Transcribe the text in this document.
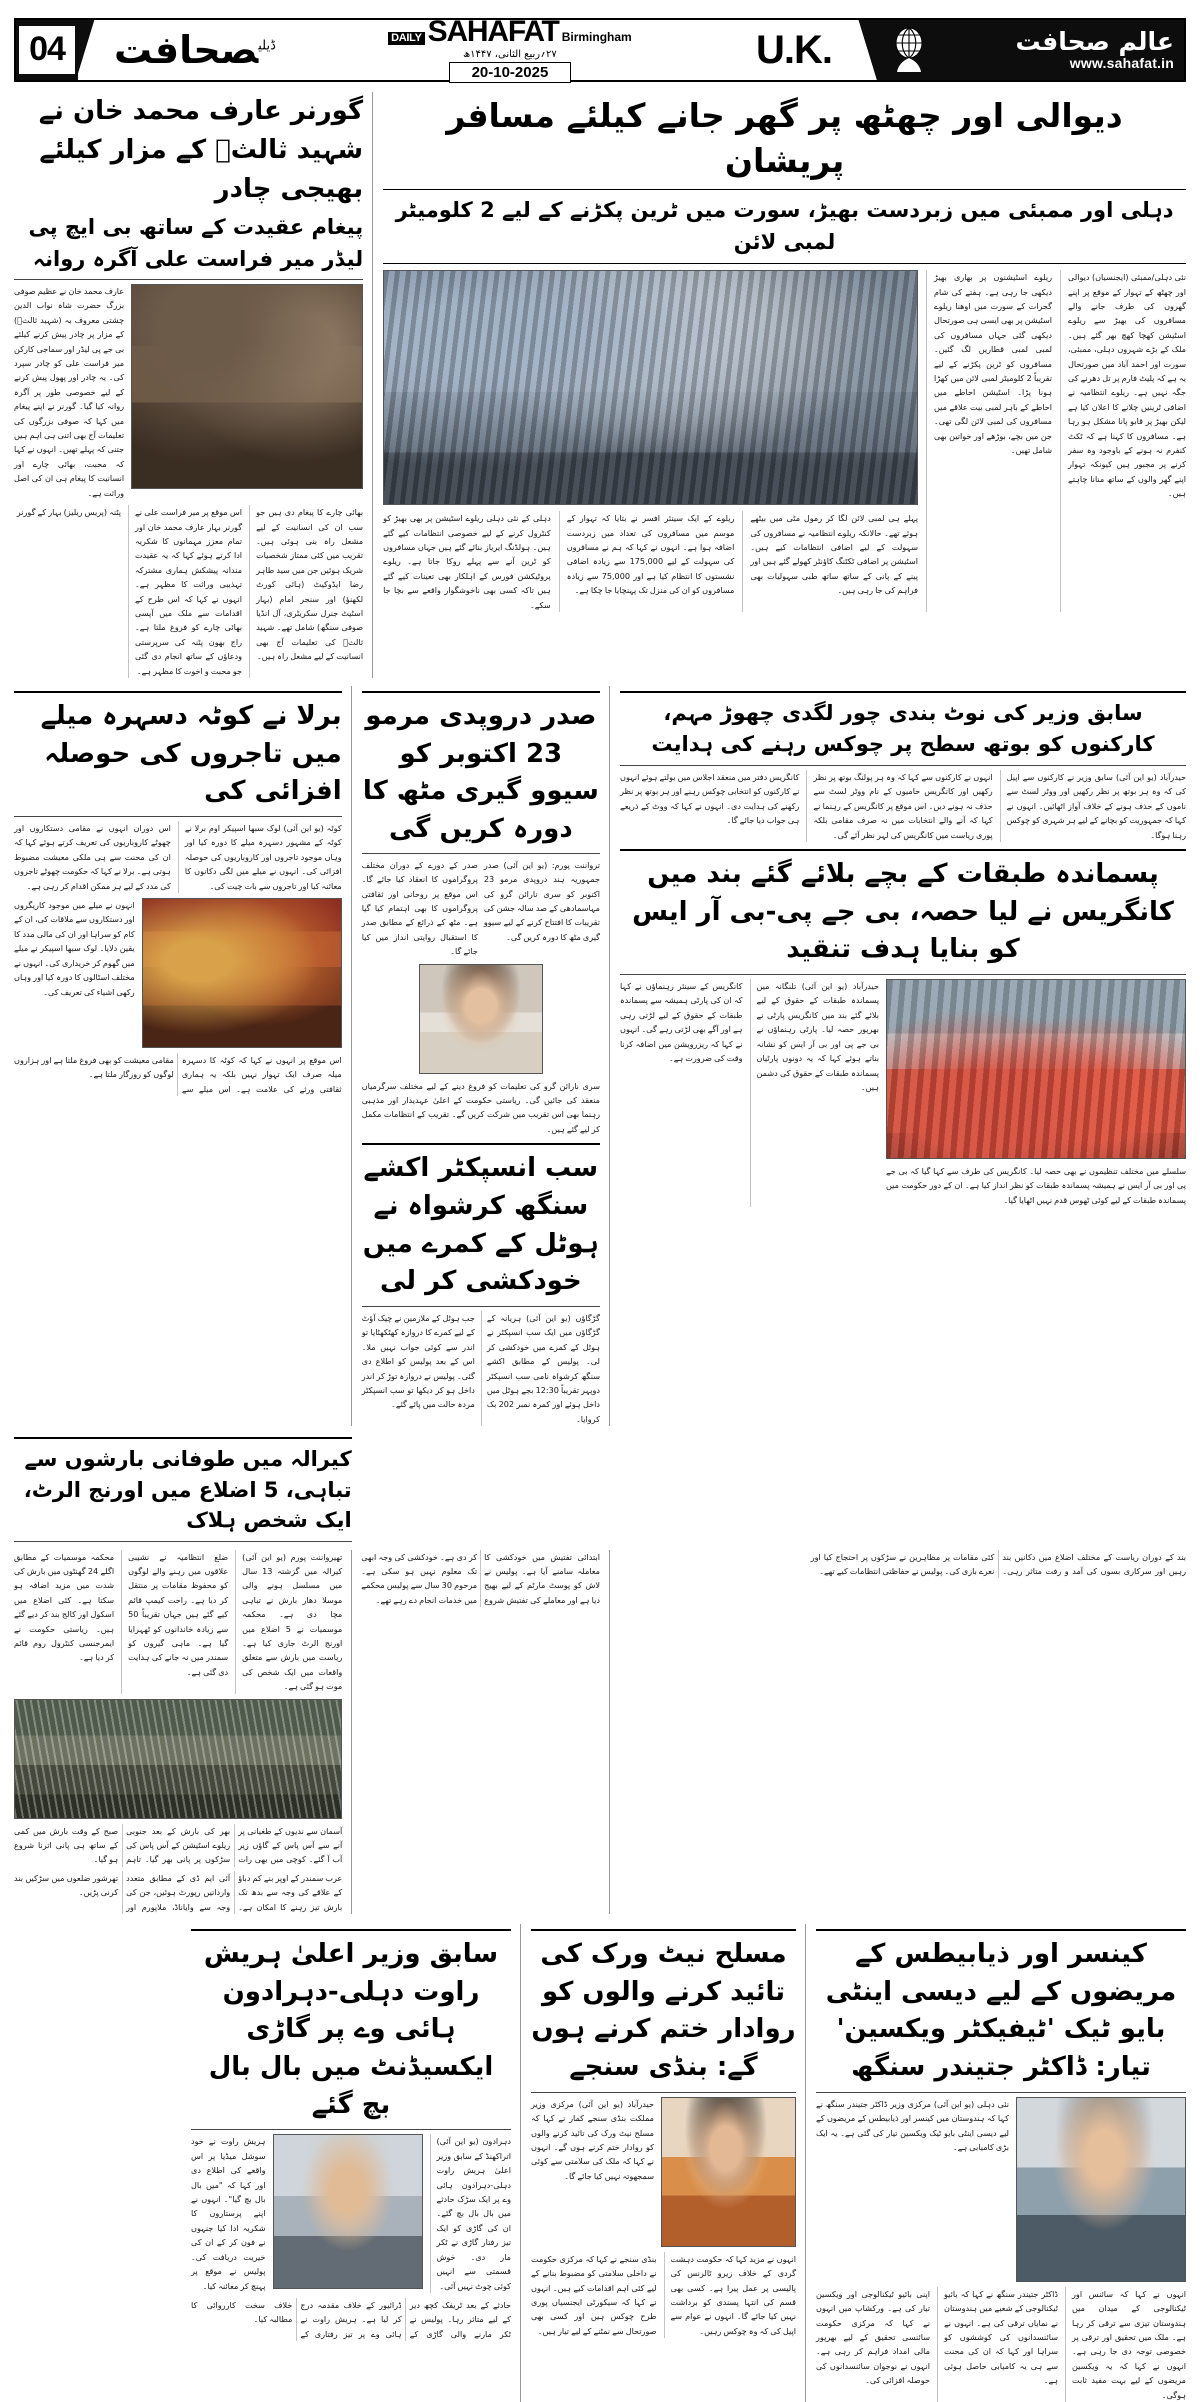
04	$^{ڈیلی}$صحافت	DAILY SAHAFAT Birmingham
۲۷؍ربیع الثانی، ۱۴۴۷ھ
20-10-2025
U.K.	عالم صحافت
www.sahafat.in
دیوالی اور چھٹھ پر گھر جانے کیلئے مسافر پریشان
دہلی اور ممبئی میں زبردست بھیڑ، سورت میں ٹرین پکڑنے کے لیے 2 کلومیٹر لمبی لائن
نئی دہلی/ممبئی (ایجنسیاں) دیوالی اور چھٹھ کے تہوار کے موقع پر اپنے گھروں کی طرف جانے والے مسافروں کی بھیڑ سے ریلوے اسٹیشن کھچا کھچ بھر گئے ہیں۔ ملک کے بڑے شہروں دہلی، ممبئی، سورت اور احمد آباد میں صورتحال یہ ہے کہ پلیٹ فارم پر تل دھرنے کی جگہ نہیں ہے۔ ریلوے انتظامیہ نے اضافی ٹرینیں چلانے کا اعلان کیا ہے لیکن بھیڑ پر قابو پانا مشکل ہو رہا ہے۔ مسافروں کا کہنا ہے کہ ٹکٹ کنفرم نہ ہونے کے باوجود وہ سفر کرنے پر مجبور ہیں کیونکہ تہوار اپنے گھر والوں کے ساتھ منانا چاہتے ہیں۔
ریلوے اسٹیشنوں پر بھاری بھیڑ دیکھی جا رہی ہے۔ ہفتے کی شام گجرات کے سورت میں اوھنا ریلوے اسٹیشن پر بھی ایسی ہی صورتحال دیکھی گئی جہاں مسافروں کی لمبی لمبی قطاریں لگ گئیں۔ مسافروں کو ٹرین پکڑنے کے لیے تقریباً 2 کلومیٹر لمبی لائن میں کھڑا ہونا پڑا۔ اسٹیشن احاطے میں احاطے کے باہر لمبی بیت علاقے میں مسافروں کی لمبی لائن لگی تھی۔ جن میں بچے، بوڑھے اور خواتین بھی شامل تھیں۔
پہلے ہی لمبی لائن لگا کر رمول مٹی میں بیٹھے ہوئے تھے۔ حالانکہ ریلوے انتظامیہ نے مسافروں کی سہولت کے لیے اضافی انتظامات کیے ہیں۔ اسٹیشن پر اضافی ٹکٹنگ کاؤنٹر کھولے گئے ہیں اور پینے کے پانی کے ساتھ ساتھ طبی سہولیات بھی فراہم کی جا رہی ہیں۔
ریلوے کے ایک سینئر افسر نے بتایا کہ تہوار کے موسم میں مسافروں کی تعداد میں زبردست اضافہ ہوا ہے۔ انہوں نے کہا کہ ہم نے مسافروں کی سہولت کے لیے 175,000 سے زیادہ اضافی نشستوں کا انتظام کیا ہے اور 75,000 سے زیادہ مسافروں کو ان کی منزل تک پہنچایا جا چکا ہے۔
دہلی کے نئی دہلی ریلوے اسٹیشن پر بھی بھیڑ کو کنٹرول کرنے کے لیے خصوصی انتظامات کیے گئے ہیں۔ ہولڈنگ ایریاز بنائے گئے ہیں جہاں مسافروں کو ٹرین آنے سے پہلے روکا جاتا ہے۔ ریلوے پروٹیکشن فورس کے اہلکار بھی تعینات کیے گئے ہیں تاکہ کسی بھی ناخوشگوار واقعے سے بچا جا سکے۔
گورنر عارف محمد خان نے شہید ثالثؒ کے مزار کیلئے بھیجی چادر
پیغام عقیدت کے ساتھ بی ایچ پی لیڈر میر فراست علی آگرہ روانہ
عارف محمد خان نے عظیم صوفی بزرگ حضرت شاہ نواب الدین چشتی معروف بہ (شہید ثالثؒ) کے مزار پر چادر پیش کرنے کیلئے بی جے پی لیڈر اور سماجی کارکن میر فراست علی کو چادر سپرد کی۔ یہ چادر اور پھول پیش کرنے کے لیے خصوصی طور پر آگرہ روانہ کیا گیا۔ گورنر نے اپنے پیغام میں کہا کہ صوفی بزرگوں کی تعلیمات آج بھی اتنی ہی اہم ہیں جتنی کہ پہلے تھیں۔ انہوں نے کہا کہ محبت، بھائی چارے اور انسانیت کا پیغام ہی ان کی اصل وراثت ہے۔
بھائی چارے کا پیغام دی ہیں جو سب ان کی انسانیت کے لیے مشعل راہ بنی ہوئی ہیں۔ تقریب میں کئی ممتاز شخصیات شریک ہوئیں جن میں سید طاہر رضا ایڈوکیٹ (ہائی کورٹ لکھنؤ) اور سنجر امام (بہار اسٹیٹ جنرل سکریٹری، آل انڈیا صوفی سنگھ) شامل تھے۔ شہید ثالثؒ کی تعلیمات آج بھی انسانیت کے لیے مشعل راہ ہیں۔
اس موقع پر میر فراست علی نے گورنر بہار عارف محمد خان اور تمام معزز مہمانوں کا شکریہ ادا کرتے ہوئے کہا کہ یہ عقیدت مندانہ پیشکش ہماری مشترکہ تہذیبی وراثت کا مظہر ہے۔ انہوں نے کہا کہ اس طرح کے اقدامات سے ملک میں آپسی بھائی چارے کو فروغ ملتا ہے۔ راج بھون پٹنہ کی سرپرستی ودعاؤں کے ساتھ انجام دی گئی جو محبت و اخوت کا مظہر ہے۔
پٹنہ (پریس ریلیز) بہار کے گورنر
سابق وزیر کی نوٹ بندی چور لگدی چھوڑ مہم، کارکنوں کو بوتھ سطح پر چوکس رہنے کی ہدایت
حیدرآباد (یو این آئی) سابق وزیر نے کارکنوں سے اپیل کی کہ وہ ہر بوتھ پر نظر رکھیں اور ووٹر لسٹ سے ناموں کے حذف ہونے کے خلاف آواز اٹھائیں۔ انہوں نے کہا کہ جمہوریت کو بچانے کے لیے ہر شہری کو چوکس رہنا ہوگا۔
انہوں نے کارکنوں سے کہا کہ وہ ہر پولنگ بوتھ پر نظر رکھیں اور کانگریس حامیوں کے نام ووٹر لسٹ سے حذف نہ ہونے دیں۔ اس موقع پر کانگریس کے رہنما نے کہا کہ آنے والے انتخابات میں نہ صرف مقامی بلکہ پوری ریاست میں کانگریس کی لہر نظر آئے گی۔
کانگریس دفتر میں منعقد اجلاس میں بولتے ہوئے انہوں نے کارکنوں کو انتخابی چوکس رہنے اور ہر بوتھ پر نظر رکھنے کی ہدایت دی۔ انہوں نے کہا کہ ووٹ کے ذریعے ہی جواب دیا جائے گا۔
پسماندہ طبقات کے بچے بلائے گئے بند میں کانگریس نے لیا حصہ، بی جے پی-بی آر ایس کو بنایا ہدف تنقید
سلسلے میں مختلف تنظیموں نے بھی حصہ لیا۔ کانگریس کی طرف سے کہا گیا کہ بی جے پی اور بی آر ایس نے ہمیشہ پسماندہ طبقات کو نظر انداز کیا ہے۔ ان کے دور حکومت میں پسماندہ طبقات کے لیے کوئی ٹھوس قدم نہیں اٹھایا گیا۔
حیدرآباد (یو این آئی) تلنگانہ میں پسماندہ طبقات کے حقوق کے لیے بلائے گئے بند میں کانگریس پارٹی نے بھرپور حصہ لیا۔ پارٹی رہنماؤں نے بی جے پی اور بی آر ایس کو نشانہ بناتے ہوئے کہا کہ یہ دونوں پارٹیاں پسماندہ طبقات کے حقوق کی دشمن ہیں۔
کانگریس کے سینئر رہنماؤں نے کہا کہ ان کی پارٹی ہمیشہ سے پسماندہ طبقات کے حقوق کے لیے لڑتی رہی ہے اور آگے بھی لڑتی رہے گی۔ انہوں نے کہا کہ ریزرویشن میں اضافہ کرنا وقت کی ضرورت ہے۔
صدر دروپدی مرمو 23 اکتوبر کو سیوو گیری مٹھ کا دورہ کریں گی
ترواننت پورم: (یو این آئی) صدر جمہوریہ ہند دروپدی مرمو 23 اکتوبر کو سری نارائن گرو کی مہاسمادھی کے صد سالہ جشن کی تقریبات کا افتتاح کرنے کے لیے سیوو گیری مٹھ کا دورہ کریں گی۔
صدر کے دورے کے دوران مختلف پروگراموں کا انعقاد کیا جائے گا۔ اس موقع پر روحانی اور ثقافتی پروگراموں کا بھی اہتمام کیا گیا ہے۔ مٹھ کے ذرائع کے مطابق صدر کا استقبال روایتی انداز میں کیا جائے گا۔
سری نارائن گرو کی تعلیمات کو فروغ دینے کے لیے مختلف سرگرمیاں منعقد کی جائیں گی۔ ریاستی حکومت کے اعلیٰ عہدیدار اور مذہبی رہنما بھی اس تقریب میں شرکت کریں گے۔ تقریب کے انتظامات مکمل کر لیے گئے ہیں۔
سب انسپکٹر اکشے سنگھ کرشواہ نے ہوٹل کے کمرے میں خودکشی کر لی
گڑگاؤں (یو این آئی) ہریانہ کے گڑگاؤں میں ایک سب انسپکٹر نے ہوٹل کے کمرے میں خودکشی کر لی۔ پولیس کے مطابق اکشے سنگھ کرشواہ نامی سب انسپکٹر دوپہر تقریباً 12:30 بجے ہوٹل میں داخل ہوئے اور کمرہ نمبر 202 بک کروایا۔
جب ہوٹل کے ملازمین نے چیک آؤٹ کے لیے کمرے کا دروازہ کھٹکھٹایا تو اندر سے کوئی جواب نہیں ملا۔ اس کے بعد پولیس کو اطلاع دی گئی۔ پولیس نے دروازہ توڑ کر اندر داخل ہو کر دیکھا تو سب انسپکٹر مردہ حالت میں پائے گئے۔
برلا نے کوٹہ دسہرہ میلے میں تاجروں کی حوصلہ افزائی کی
کوٹہ (یو این آئی) لوک سبھا اسپیکر اوم برلا نے کوٹہ کے مشہور دسہرہ میلے کا دورہ کیا اور وہاں موجود تاجروں اور کاروباریوں کی حوصلہ افزائی کی۔ انہوں نے میلے میں لگی دکانوں کا معائنہ کیا اور تاجروں سے بات چیت کی۔
اس دوران انہوں نے مقامی دستکاروں اور چھوٹے کاروباریوں کی تعریف کرتے ہوئے کہا کہ ان کی محنت سے ہی ملکی معیشت مضبوط ہوتی ہے۔ برلا نے کہا کہ حکومت چھوٹے تاجروں کی مدد کے لیے ہر ممکن اقدام کر رہی ہے۔
انہوں نے میلے میں موجود کاریگروں اور دستکاروں سے ملاقات کی، ان کے کام کو سراہا اور ان کی مالی مدد کا یقین دلایا۔ لوک سبھا اسپیکر نے میلے میں گھوم کر خریداری کی۔ انہوں نے مختلف اسٹالوں کا دورہ کیا اور وہاں رکھی اشیاء کی تعریف کی۔
اس موقع پر انہوں نے کہا کہ کوٹہ کا دسہرہ میلہ صرف ایک تہوار نہیں بلکہ یہ ہماری ثقافتی ورثے کی علامت ہے۔ اس میلے سے مقامی معیشت کو بھی فروغ ملتا ہے اور ہزاروں لوگوں کو روزگار ملتا ہے۔
کیرالہ میں طوفانی بارشوں سے تباہی، 5 اضلاع میں اورنج الرٹ، ایک شخص ہلاک
بند کے دوران ریاست کے مختلف اضلاع میں دکانیں بند رہیں اور سرکاری بسوں کی آمد و رفت متاثر رہی۔ کئی مقامات پر مظاہرین نے سڑکوں پر احتجاج کیا اور نعرے بازی کی۔ پولیس نے حفاظتی انتظامات کیے تھے۔
ابتدائی تفتیش میں خودکشی کا معاملہ سامنے آیا ہے۔ پولیس نے لاش کو پوسٹ مارٹم کے لیے بھیج دیا ہے اور معاملے کی تفتیش شروع کر دی ہے۔ خودکشی کی وجہ ابھی تک معلوم نہیں ہو سکی ہے۔ مرحوم 30 سال سے پولیس محکمے میں خدمات انجام دے رہے تھے۔
تھیرواننت پورم (یو این آئی) کیرالہ میں گزشتہ 13 سال میں مسلسل ہونے والی موسلا دھار بارش نے تباہی مچا دی ہے۔ محکمہ موسمیات نے 5 اضلاع میں اورنج الرٹ جاری کیا ہے۔ ریاست میں بارش سے متعلق واقعات میں ایک شخص کی موت ہو گئی ہے۔
ضلع انتظامیہ نے نشیبی علاقوں میں رہنے والے لوگوں کو محفوظ مقامات پر منتقل کر دیا ہے۔ راحت کیمپ قائم کیے گئے ہیں جہاں تقریباً 50 سے زیادہ خاندانوں کو ٹھہرایا گیا ہے۔ ماہی گیروں کو سمندر میں نہ جانے کی ہدایت دی گئی ہے۔
محکمہ موسمیات کے مطابق اگلے 24 گھنٹوں میں بارش کی شدت میں مزید اضافہ ہو سکتا ہے۔ کئی اضلاع میں اسکول اور کالج بند کر دیے گئے ہیں۔ ریاستی حکومت نے ایمرجنسی کنٹرول روم قائم کر دیا ہے۔
آسمان سے ندیوں کے طغیانی پر آنے سے آس پاس کے گاؤں زیر آب آ گئے۔ کوچی میں بھی رات بھر کی بارش کے بعد جنوبی ریلوے اسٹیشن کے آس پاس کی سڑکوں پر پانی بھر گیا۔ تاہم صبح کے وقت بارش میں کمی کے ساتھ ہی پانی اترنا شروع ہو گیا۔
عرب سمندر کے اوپر بنے کم دباؤ کے علاقے کی وجہ سے بدھ تک بارش تیز رہنے کا امکان ہے۔ آئی ایم ڈی کے مطابق متعدد وارداتیں رپورٹ ہوئیں، جن کی وجہ سے وایاناڈ، ملاپورم اور تھرشور ضلعوں میں سڑکیں بند کرنی پڑیں۔
کینسر اور ذیابیطس کے مریضوں کے لیے دیسی اینٹی بایو ٹیک 'ٹیفیکٹر ویکسین' تیار: ڈاکٹر جتیندر سنگھ
نئی دہلی (یو این آئی) مرکزی وزیر ڈاکٹر جتیندر سنگھ نے کہا کہ ہندوستان میں کینسر اور ذیابیطس کے مریضوں کے لیے دیسی اینٹی بایو ٹیک ویکسین تیار کی گئی ہے۔ یہ ایک بڑی کامیابی ہے۔
انہوں نے کہا کہ سائنس اور ٹیکنالوجی کے میدان میں ہندوستان تیزی سے ترقی کر رہا ہے۔ ملک میں تحقیق اور ترقی پر خصوصی توجہ دی جا رہی ہے۔ انہوں نے کہا کہ یہ ویکسین مریضوں کے لیے بہت مفید ثابت ہوگی۔
ڈاکٹر جتیندر سنگھ نے کہا کہ بائیو ٹیکنالوجی کے شعبے میں ہندوستان نے نمایاں ترقی کی ہے۔ انہوں نے سائنسدانوں کی کوششوں کو سراہا اور کہا کہ ان کی محنت سے ہی یہ کامیابی حاصل ہوئی ہے۔
اپنی بائیو ٹیکنالوجی اور ویکسین تیار کی ہے۔ ورکشاپ میں انہوں نے کہا کہ مرکزی حکومت سائنسی تحقیق کے لیے بھرپور مالی امداد فراہم کر رہی ہے۔ انہوں نے نوجوان سائنسدانوں کی حوصلہ افزائی کی۔
مسلح نیٹ ورک کی تائید کرنے والوں کو روادار ختم کرنے ہوں گے: بنڈی سنجے
حیدرآباد (یو این آئی) مرکزی وزیر مملکت بنڈی سنجے کمار نے کہا کہ مسلح نیٹ ورک کی تائید کرنے والوں کو روادار ختم کرنے ہوں گے۔ انہوں نے کہا کہ ملک کی سلامتی سے کوئی سمجھوتہ نہیں کیا جائے گا۔
انہوں نے مزید کہا کہ حکومت دہشت گردی کے خلاف زیرو ٹالرنس کی پالیسی پر عمل پیرا ہے۔ کسی بھی قسم کی انتہا پسندی کو برداشت نہیں کیا جائے گا۔ انہوں نے عوام سے اپیل کی کہ وہ چوکس رہیں۔
بنڈی سنجے نے کہا کہ مرکزی حکومت نے داخلی سلامتی کو مضبوط بنانے کے لیے کئی اہم اقدامات کیے ہیں۔ انہوں نے کہا کہ سیکورٹی ایجنسیاں پوری طرح چوکس ہیں اور کسی بھی صورتحال سے نمٹنے کے لیے تیار ہیں۔
سابق وزیر اعلیٰ ہریش راوت دہلی-دہرادون ہائی وے پر گاڑی ایکسیڈنٹ میں بال بال بچ گئے
دہرادون (یو این آئی) اتراکھنڈ کے سابق وزیر اعلیٰ ہریش راوت دہلی-دہرادون ہائی وے پر ایک سڑک حادثے میں بال بال بچ گئے۔ ان کی گاڑی کو ایک تیز رفتار گاڑی نے ٹکر مار دی۔ خوش قسمتی سے انہیں کوئی چوٹ نہیں آئی۔
ہریش راوت نے خود سوشل میڈیا پر اس واقعے کی اطلاع دی اور کہا کہ "میں بال بال بچ گیا"۔ انہوں نے اپنے پرستاروں کا شکریہ ادا کیا جنہوں نے فون کر کے ان کی خیریت دریافت کی۔ پولیس نے موقع پر پہنچ کر معائنہ کیا۔
حادثے کے بعد ٹریفک کچھ دیر کے لیے متاثر رہا۔ پولیس نے ٹکر مارنے والی گاڑی کے ڈرائیور کے خلاف مقدمہ درج کر لیا ہے۔ ہریش راوت نے ہائی وے پر تیز رفتاری کے خلاف سخت کارروائی کا مطالبہ کیا۔
